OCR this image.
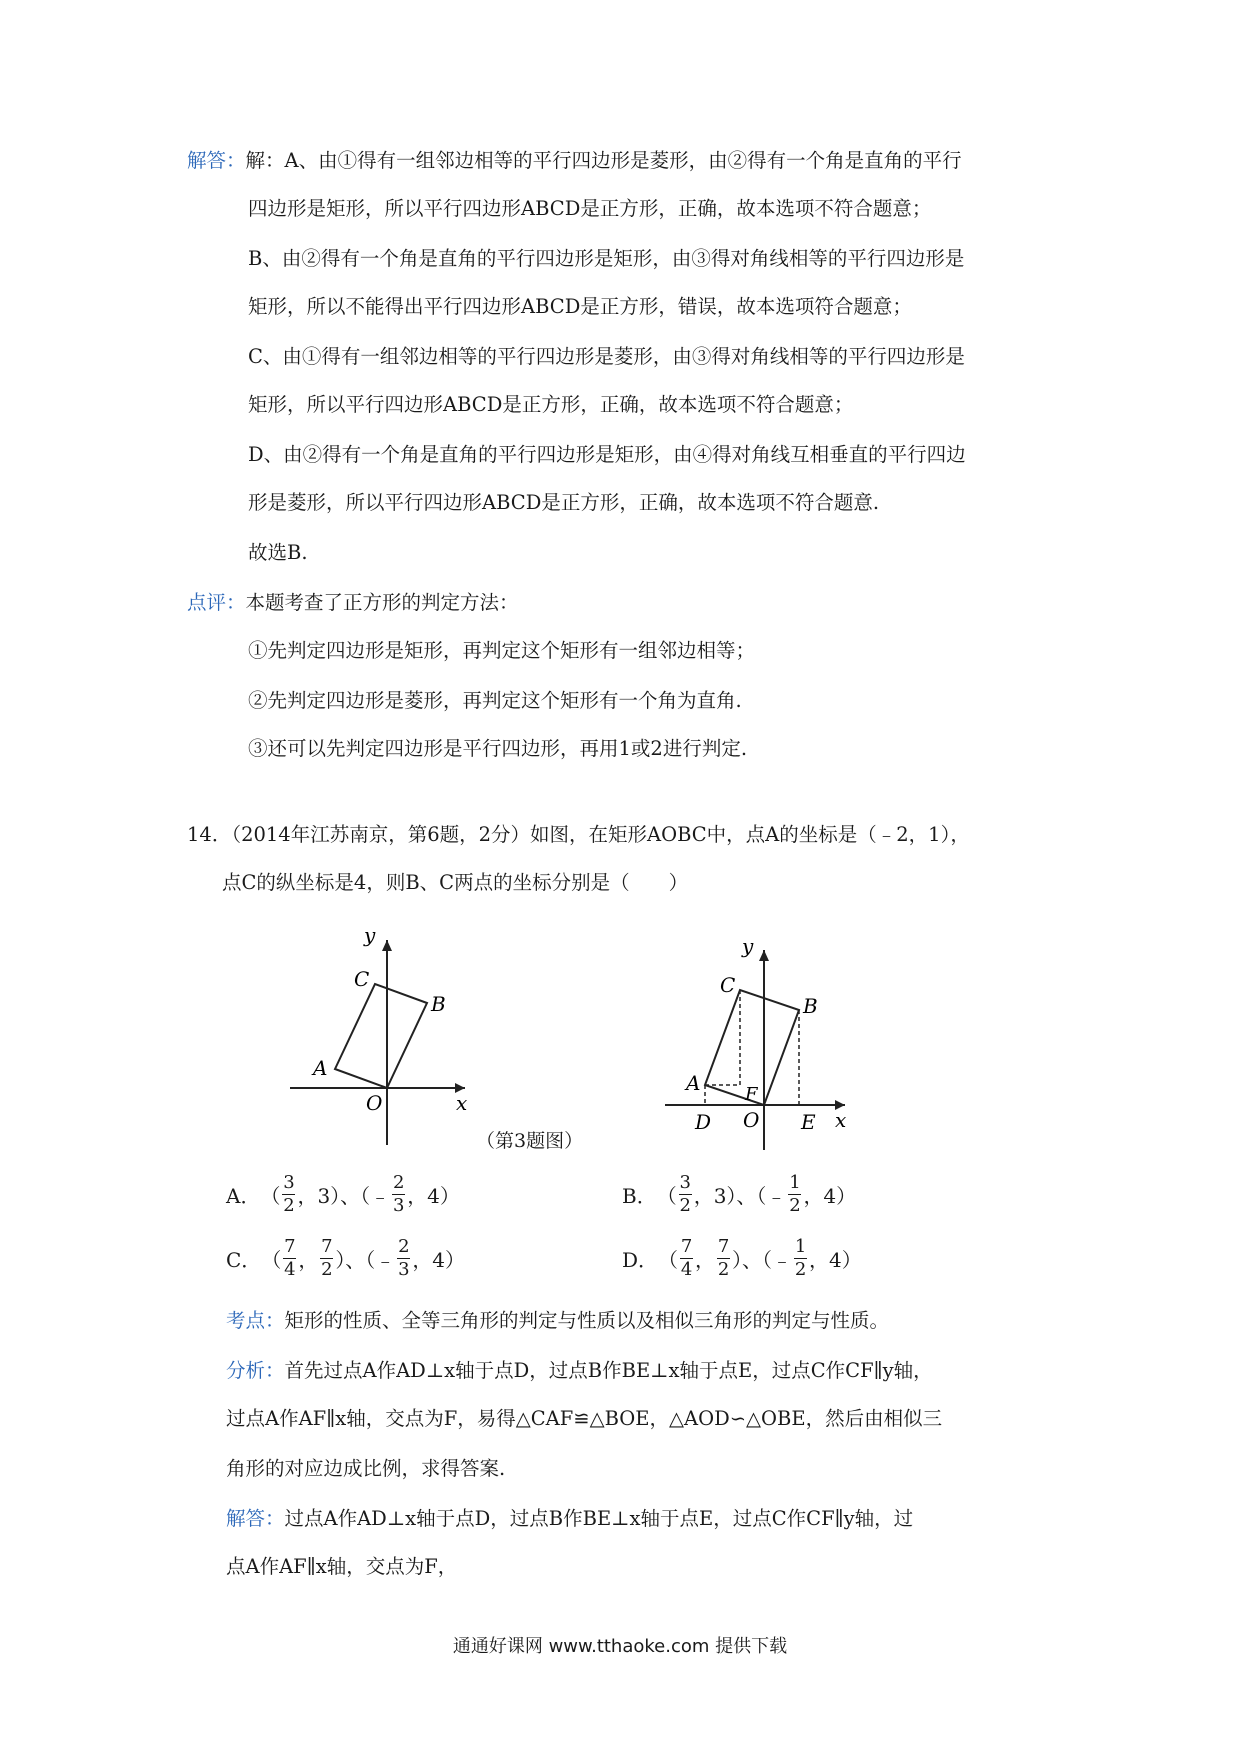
解答：解：A、由①得有一组邻边相等的平行四边形是菱形，由②得有一个角是直角的平行
四边形是矩形，所以平行四边形ABCD是正方形，正确，故本选项不符合题意；
B、由②得有一个角是直角的平行四边形是矩形，由③得对角线相等的平行四边形是
矩形，所以不能得出平行四边形ABCD是正方形，错误，故本选项符合题意；
C、由①得有一组邻边相等的平行四边形是菱形，由③得对角线相等的平行四边形是
矩形，所以平行四边形ABCD是正方形，正确，故本选项不符合题意；
D、由②得有一个角是直角的平行四边形是矩形，由④得对角线互相垂直的平行四边
形是菱形，所以平行四边形ABCD是正方形，正确，故本选项不符合题意.
故选B.
点评：本题考查了正方形的判定方法：
①先判定四边形是矩形，再判定这个矩形有一组邻边相等；
②先判定四边形是菱形，再判定这个矩形有一个角为直角.
③还可以先判定四边形是平行四边形，再用1或2进行判定.
14．（2014年江苏南京，第6题，2分）如图，在矩形AOBC中，点A的坐标是（﹣2，1），
点C的纵坐标是4，则B、C两点的坐标分别是（　　）
y
x
C
B
A
O
（第3题图）
y
x
C
B
A F
O
D	E
A． （ $\frac{3}{2}$ ，3）、（﹣ $\frac{2}{3}$ ，4）	B． （ $\frac{3}{2}$ ，3）、（﹣ $\frac{1}{2}$ ，4）
C． （ $\frac{7}{4}$ ， $\frac{7}{2}$ ）、（﹣ $\frac{2}{3}$ ，4）	D． （ $\frac{7}{4}$ ， $\frac{7}{2}$ ）、（﹣ $\frac{1}{2}$ ，4）
考点：矩形的性质、全等三角形的判定与性质以及相似三角形的判定与性质。
分析：首先过点A作AD⊥x轴于点D，过点B作BE⊥x轴于点E，过点C作CF∥y轴，
过点A作AF∥x轴，交点为F，易得△CAF≌△BOE，△AOD∽△OBE，然后由相似三
角形的对应边成比例，求得答案.
解答：过点A作AD⊥x轴于点D，过点B作BE⊥x轴于点E，过点C作CF∥y轴，过
点A作AF∥x轴，交点为F，
通通好课网 www.tthaoke.com 提供下载
